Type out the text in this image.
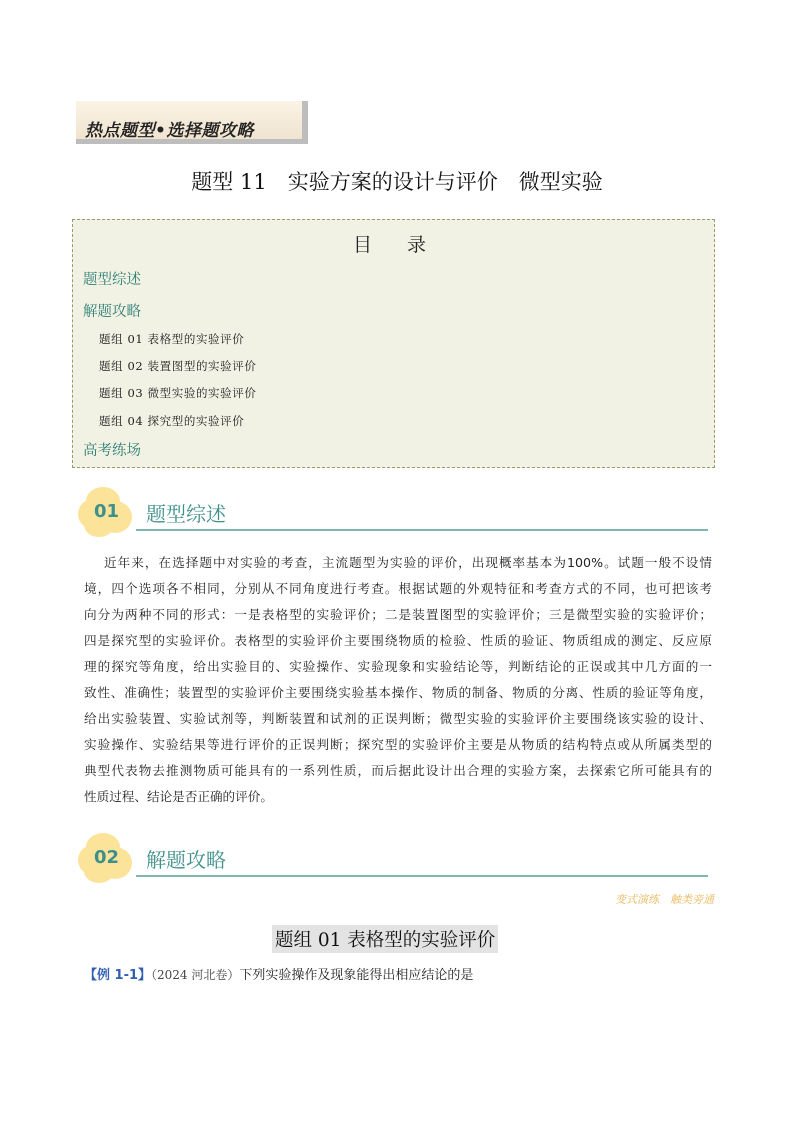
热点题型•选择题攻略
题型 11　实验方案的设计与评价　微型实验
目　录
题型综述
解题攻略
题组 01 表格型的实验评价
题组 02 装置图型的实验评价
题组 03 微型实验的实验评价
题组 04 探究型的实验评价
高考练场
01 题型综述
近年来，在选择题中对实验的考查，主流题型为实验的评价，出现概率基本为100%。试题一般不设情
境，四个选项各不相同，分别从不同角度进行考查。根据试题的外观特征和考查方式的不同，也可把该考
向分为两种不同的形式：一是表格型的实验评价；二是装置图型的实验评价；三是微型实验的实验评价；
四是探究型的实验评价。表格型的实验评价主要围绕物质的检验、性质的验证、物质组成的测定、反应原
理的探究等角度，给出实验目的、实验操作、实验现象和实验结论等，判断结论的正误或其中几方面的一
致性、准确性；装置型的实验评价主要围绕实验基本操作、物质的制备、物质的分离、性质的验证等角度，
给出实验装置、实验试剂等，判断装置和试剂的正误判断；微型实验的实验评价主要围绕该实验的设计、
实验操作、实验结果等进行评价的正误判断；探究型的实验评价主要是从物质的结构特点或从所属类型的
典型代表物去推测物质可能具有的一系列性质，而后据此设计出合理的实验方案，去探索它所可能具有的
性质过程、结论是否正确的评价。
02 解题攻略
变式演练　触类旁通
题组 01 表格型的实验评价
【例 1-1】（2024 河北卷）下列实验操作及现象能得出相应结论的是
